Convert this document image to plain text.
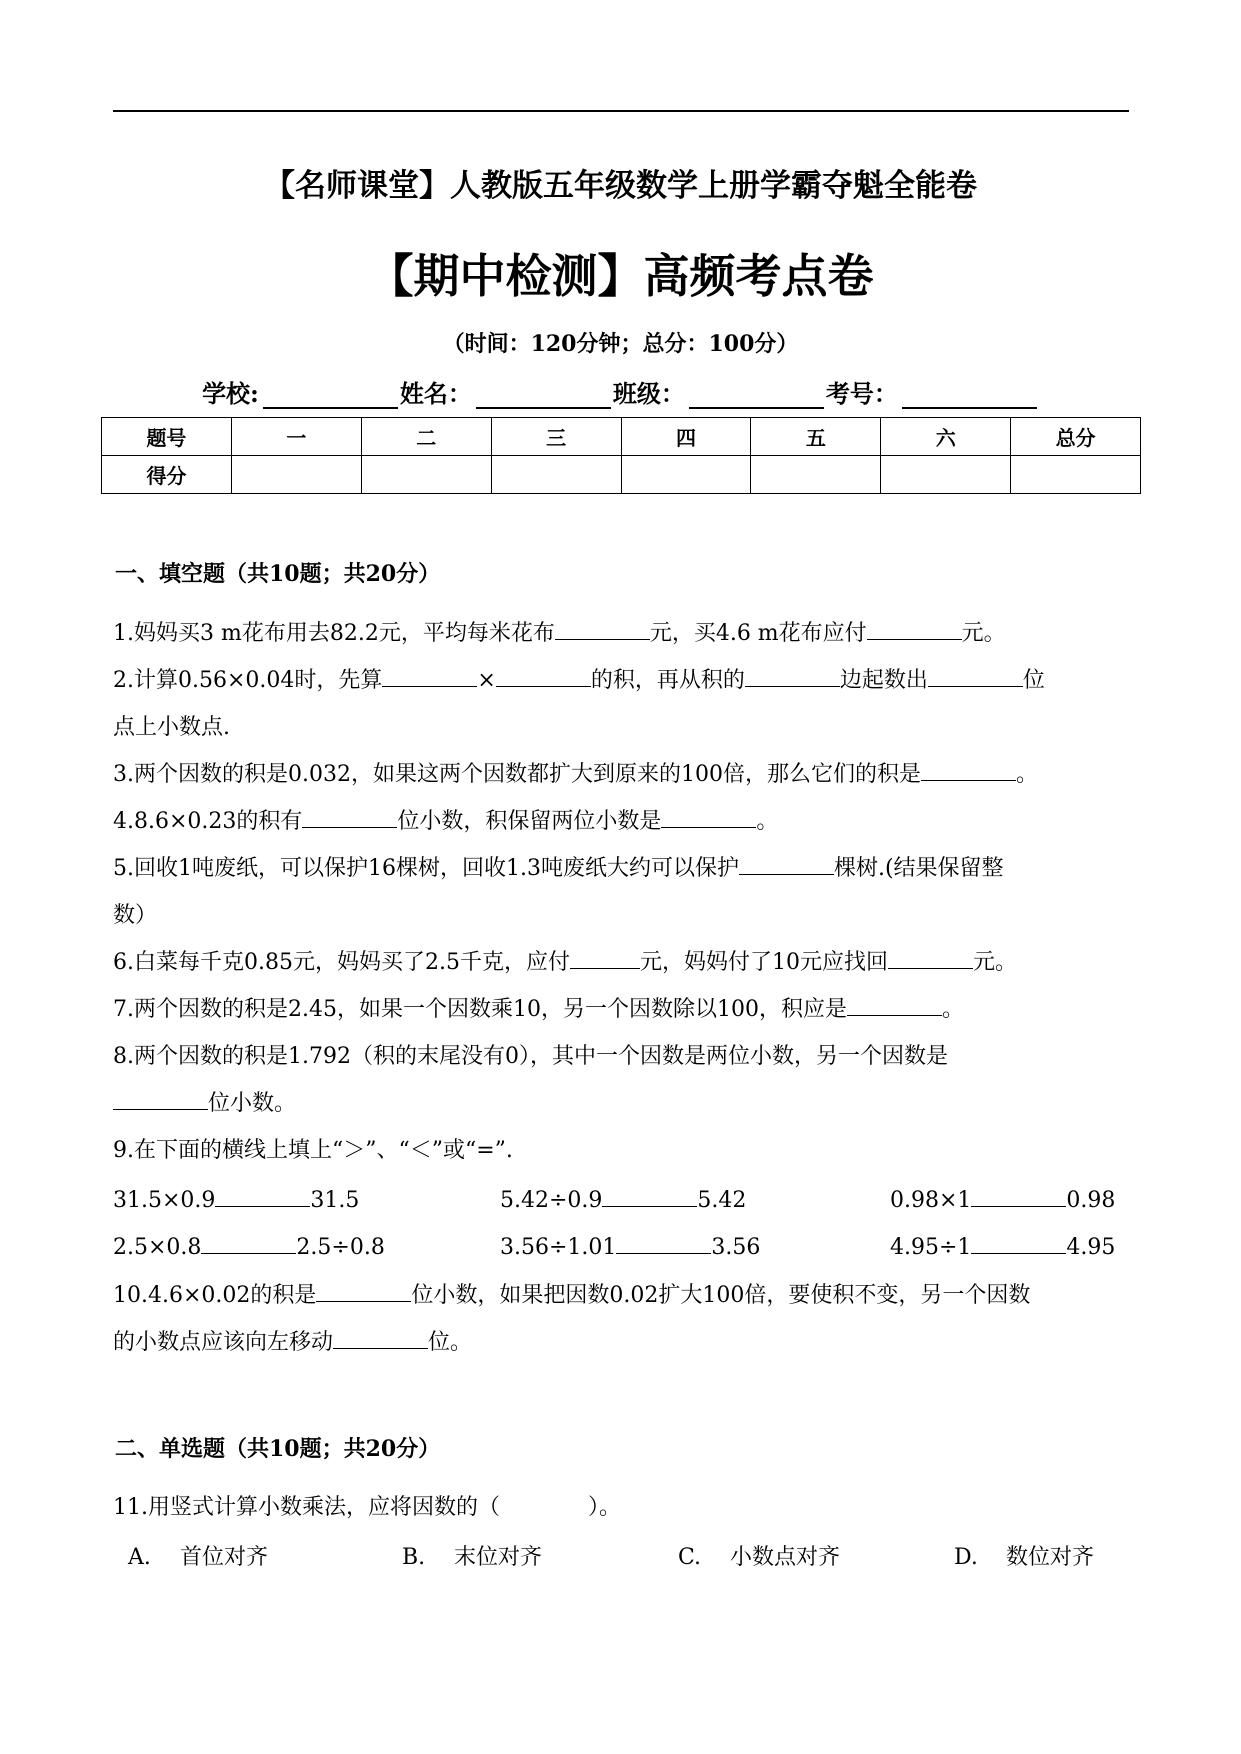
【名师课堂】人教版五年级数学上册学霸夺魁全能卷
【期中检测】高频考点卷
（时间：120分钟；总分：100分）
学校:	姓名：	班级：	考号：
题号	一	二	三	四	五	六	总分
得分							
一、填空题（共10题；共20分）
1.妈妈买3 m花布用去82.2元，平均每米花布	元，买4.6 m花布应付	元。
2.计算0.56×0.04时，先算	×	的积，再从积的	边起数出	位
点上小数点.
3.两个因数的积是0.032，如果这两个因数都扩大到原来的100倍，那么它们的积是	。
4.8.6×0.23的积有	位小数，积保留两位小数是	。
5.回收1吨废纸，可以保护16棵树，回收1.3吨废纸大约可以保护	棵树.(结果保留整
数）
6.白菜每千克0.85元，妈妈买了2.5千克，应付	元，妈妈付了10元应找回	元。
7.两个因数的积是2.45，如果一个因数乘10，另一个因数除以100，积应是	。
8.两个因数的积是1.792（积的末尾没有0），其中一个因数是两位小数，另一个因数是
位小数。
9.在下面的横线上填上“＞”、“＜”或“=”.
31.5×0.9	31.5	5.42÷0.9	5.42	0.98×1	0.98
2.5×0.8	2.5÷0.8	3.56÷1.01	3.56	4.95÷1	4.95
10.4.6×0.02的积是	位小数，如果把因数0.02扩大100倍，要使积不变，另一个因数
的小数点应该向左移动	位。
二、单选题（共10题；共20分）
11.用竖式计算小数乘法，应将因数的（　　　　）。
A. 首位对齐	B. 末位对齐	C. 小数点对齐	D. 数位对齐
